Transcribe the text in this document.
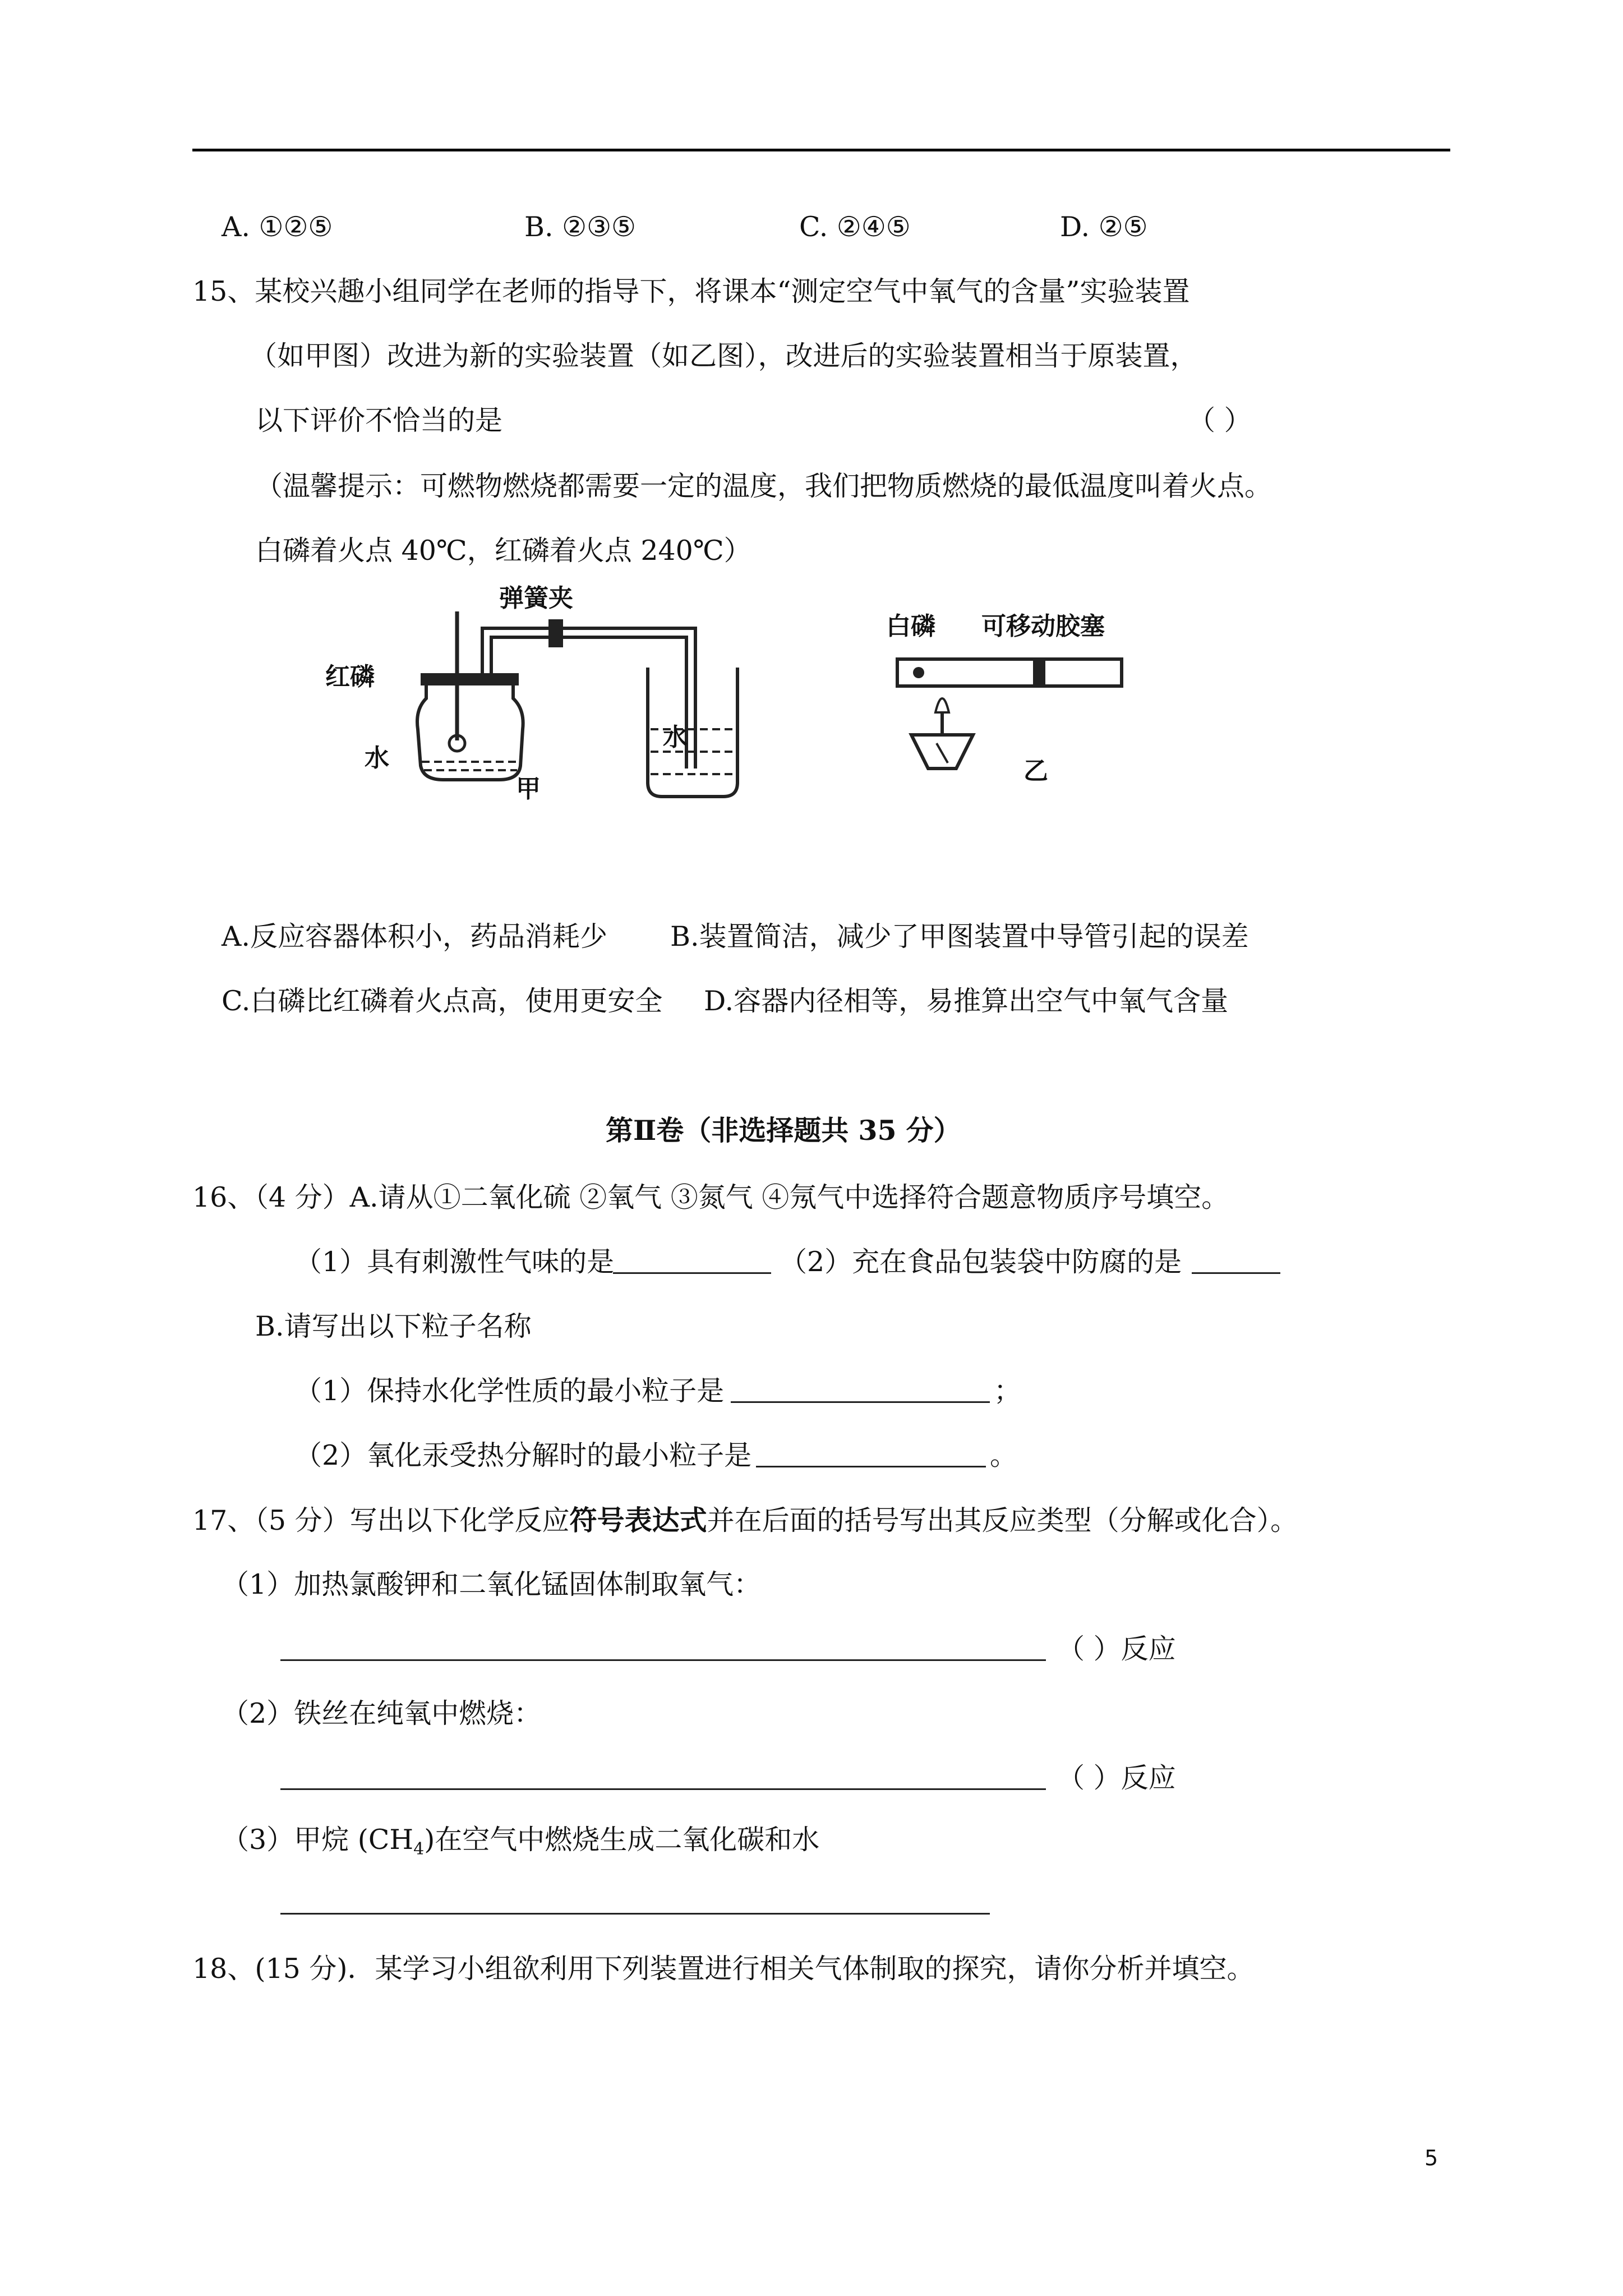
A. ①②⑤	B. ②③⑤	C. ②④⑤	D. ②⑤
15、某校兴趣小组同学在老师的指导下，将课本“测定空气中氧气的含量”实验装置
（如甲图）改进为新的实验装置（如乙图），改进后的实验装置相当于原装置，
以下评价不恰当的是	（ ）
（温馨提示：可燃物燃烧都需要一定的温度，我们把物质燃烧的最低温度叫着火点。
白磷着火点 40℃，红磷着火点 240℃）
弹簧夹
红磷
水
水
甲
白磷 可移动胶塞
乙
A.反应容器体积小，药品消耗少 B.装置简洁，减少了甲图装置中导管引起的误差
C.白磷比红磷着火点高，使用更安全 D.容器内径相等，易推算出空气中氧气含量
第Ⅱ卷（非选择题共 35 分）
16、（4 分）A.请从①二氧化硫 ②氧气 ③氮气 ④氖气中选择符合题意物质序号填空。
（1）具有刺激性气味的是	（2）充在食品包装袋中防腐的是
B.请写出以下粒子名称
（1）保持水化学性质的最小粒子是	；
（2）氧化汞受热分解时的最小粒子是	。
17、（5 分）写出以下化学反应符号表达式并在后面的括号写出其反应类型（分解或化合）。
（1）加热氯酸钾和二氧化锰固体制取氧气：
（ ）反应
（2）铁丝在纯氧中燃烧：
（ ）反应
（3）甲烷 $(CH_4)$在空气中燃烧生成二氧化碳和水
18、(15 分)．某学习小组欲利用下列装置进行相关气体制取的探究，请你分析并填空。
5
